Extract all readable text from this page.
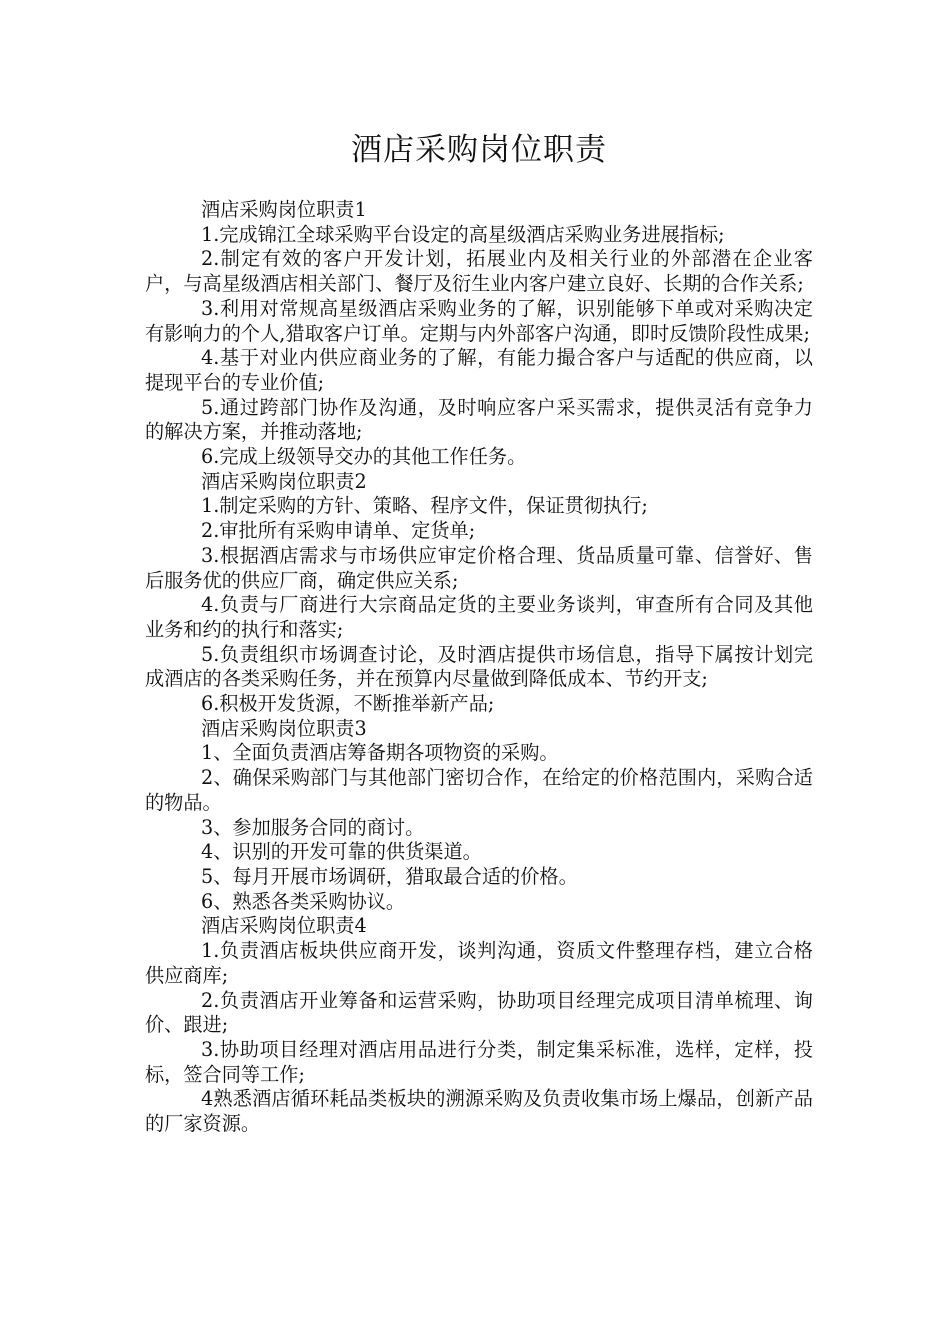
酒店采购岗位职责

酒店采购岗位职责1

1.完成锦江全球采购平台设定的高星级酒店采购业务进展指标;

2.制定有效的客户开发计划，拓展业内及相关行业的外部潜在企业客户，与高星级酒店相关部门、餐厅及衍生业内客户建立良好、长期的合作关系;

3.利用对常规高星级酒店采购业务的了解，识别能够下单或对采购决定有影响力的个人,猎取客户订单。定期与内外部客户沟通，即时反馈阶段性成果;

4.基于对业内供应商业务的了解，有能力撮合客户与适配的供应商，以提现平台的专业价值;

5.通过跨部门协作及沟通，及时响应客户采买需求，提供灵活有竞争力的解决方案，并推动落地;

6.完成上级领导交办的其他工作任务。

酒店采购岗位职责2

1.制定采购的方针、策略、程序文件，保证贯彻执行;

2.审批所有采购申请单、定货单;

3.根据酒店需求与市场供应审定价格合理、货品质量可靠、信誉好、售后服务优的供应厂商，确定供应关系;

4.负责与厂商进行大宗商品定货的主要业务谈判，审查所有合同及其他业务和约的执行和落实;

5.负责组织市场调查讨论，及时酒店提供市场信息，指导下属按计划完成酒店的各类采购任务，并在预算内尽量做到降低成本、节约开支;

6.积极开发货源，不断推举新产品;

酒店采购岗位职责3

1、全面负责酒店筹备期各项物资的采购。

2、确保采购部门与其他部门密切合作，在给定的价格范围内，采购合适的物品。

3、参加服务合同的商讨。

4、识别的开发可靠的供货渠道。

5、每月开展市场调研，猎取最合适的价格。

6、熟悉各类采购协议。

酒店采购岗位职责4

1.负责酒店板块供应商开发，谈判沟通，资质文件整理存档，建立合格供应商库;

2.负责酒店开业筹备和运营采购，协助项目经理完成项目清单梳理、询价、跟进;

3.协助项目经理对酒店用品进行分类，制定集采标准，选样，定样，投标，签合同等工作;

4熟悉酒店循环耗品类板块的溯源采购及负责收集市场上爆品，创新产品的厂家资源。
